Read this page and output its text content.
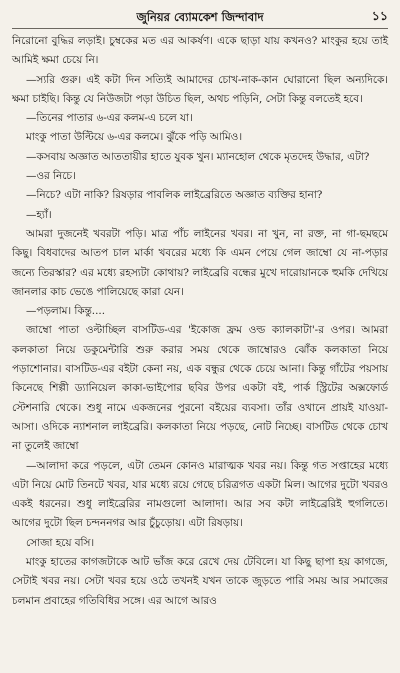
জুনিয়র ব্যোমকেশ জিন্দাবাদ	১১

নিরোনো বুদ্ধির লড়াই। চুম্বকের মত এর আকর্ষণ। একে ছাড়া যায় কখনও? মাংকুর হয়ে তাই আমিই ক্ষমা চেয়ে নি।

—স্যরি গুরু। এই কটা দিন সত্যিই আমাদের চোখ-নাক-কান ঘোরানো ছিল অন্যদিকে। ক্ষমা চাইছি। কিন্তু যে নিউজটা পড়া উচিত ছিল, অথচ পড়িনি, সেটা কিন্তু বলতেই হবে।

—তিনের পাতার ৬-এর কলম-এ চলে যা।

মাংকু পাতা উল্টিয়ে ৬-এর কলমে। ঝুঁকে পড়ি আমিও।

—কসবায় অজ্ঞাত আততায়ীর হাতে যুবক খুন। ম্যানহোল থেকে মৃতদেহ উদ্ধার, এটা?

—ওর নিচে।

—নিচে? এটা নাকি? রিষড়ার পাবলিক লাইব্রেরিতে অজ্ঞাত ব্যক্তির হানা?

—হ্যাঁ।

আমরা দুজনেই খবরটা পড়ি। মাত্র পাঁচ লাইনের খবর। না খুন, না রক্ত, না গা-ছমছমে কিছু। বিধবাদের আতপ চাল মার্কা খবরের মধ্যে কি এমন পেয়ে গেল জাম্বো যে না-পড়ার জন্যে তিরস্কার? এর মধ্যে রহস্যটা কোথায়? লাইব্রেরি বন্ধের মুখে দারোয়ানকে হুমকি দেখিয়ে জানলার কাচ ভেঙে পালিয়েছে কারা যেন।

—পড়লাম। কিন্তু....

জাম্বো পাতা ওল্টাচ্ছিল বাসটিড-এর 'ইকোজ ফ্রম ওল্ড ক্যালকাটা'-র ওপর। আমরা কলকাতা নিয়ে ডকুমেন্টারি শুরু করার সময় থেকে জাম্বোরও ঝোঁক কলকাতা নিয়ে পড়াশোনার। বাসটিড-এর বইটা কেনা নয়, এক বন্ধুর থেকে চেয়ে আনা। কিন্তু গাঁটের পয়সায় কিনেছে শিল্পী ড্যানিয়েল কাকা-ভাইপোর ছবির উপর একটা বই, পার্ক স্ট্রিটের অক্সফোর্ড স্টেশনারি থেকে। শুধু নামে একজনের পুরনো বইয়ের ব্যবসা। তাঁর ওখানে প্রায়ই যাওয়া-আসা। ওদিকে ন্যাশনাল লাইব্রেরি। কলকাতা নিয়ে পড়ছে, নোট নিচ্ছে। বাসটিড থেকে চোখ না তুলেই জাম্বো

—আলাদা করে পড়লে, এটা তেমন কোনও মারাত্মক খবর নয়। কিন্তু গত সপ্তাহের মধ্যে এটা নিয়ে মোট তিনটে খবর, যার মধ্যে রয়ে গেছে চরিত্রগত একটা মিল। আগের দুটো খবরও একই ধরনের। শুধু লাইব্রেরির নামগুলো আলাদা। আর সব কটা লাইব্রেরিই হুগলিতে। আগের দুটো ছিল চন্দননগর আর চুঁচুড়োয়। এটা রিষড়ায়।

সোজা হয়ে বসি।

মাংকু হাতের কাগজটাকে আট ভাঁজ করে রেখে দেয় টেবিলে। যা কিছু ছাপা হয় কাগজে, সেটাই খবর নয়। সেটা খবর হয়ে ওঠে তখনই যখন তাকে জুড়তে পারি সময় আর সমাজের চলমান প্রবাহের গতিবিধির সঙ্গে। এর আগে আরও
